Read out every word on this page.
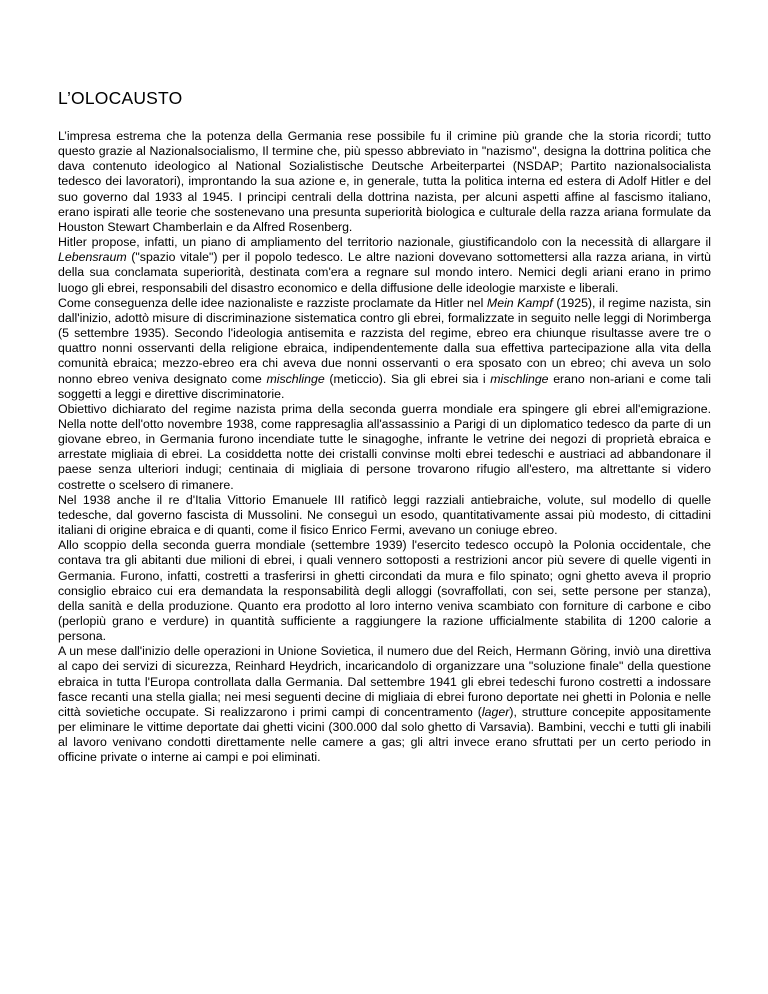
L’OLOCAUSTO

L’impresa estrema che la potenza della Germania rese possibile fu il crimine più grande che la storia ricordi; tutto questo grazie al Nazionalsocialismo, Il termine che, più spesso abbreviato in "nazismo", designa la dottrina politica che dava contenuto ideologico al National Sozialistische Deutsche Arbeiterpartei (NSDAP; Partito nazionalsocialista tedesco dei lavoratori), improntando la sua azione e, in generale, tutta la politica interna ed estera di Adolf Hitler e del suo governo dal 1933 al 1945. I principi centrali della dottrina nazista, per alcuni aspetti affine al fascismo italiano, erano ispirati alle teorie che sostenevano una presunta superiorità biologica e culturale della razza ariana formulate da Houston Stewart Chamberlain e da Alfred Rosenberg.

Hitler propose, infatti, un piano di ampliamento del territorio nazionale, giustificandolo con la necessità di allargare il Lebensraum ("spazio vitale") per il popolo tedesco. Le altre nazioni dovevano sottomettersi alla razza ariana, in virtù della sua conclamata superiorità, destinata com'era a regnare sul mondo intero. Nemici degli ariani erano in primo luogo gli ebrei, responsabili del disastro economico e della diffusione delle ideologie marxiste e liberali.

Come conseguenza delle idee nazionaliste e razziste proclamate da Hitler nel Mein Kampf (1925), il regime nazista, sin dall'inizio, adottò misure di discriminazione sistematica contro gli ebrei, formalizzate in seguito nelle leggi di Norimberga (5 settembre 1935). Secondo l'ideologia antisemita e razzista del regime, ebreo era chiunque risultasse avere tre o quattro nonni osservanti della religione ebraica, indipendentemente dalla sua effettiva partecipazione alla vita della comunità ebraica; mezzo-ebreo era chi aveva due nonni osservanti o era sposato con un ebreo; chi aveva un solo nonno ebreo veniva designato come mischlinge (meticcio). Sia gli ebrei sia i mischlinge erano non-ariani e come tali soggetti a leggi e direttive discriminatorie.

Obiettivo dichiarato del regime nazista prima della seconda guerra mondiale era spingere gli ebrei all'emigrazione. Nella notte dell'otto novembre 1938, come rappresaglia all'assassinio a Parigi di un diplomatico tedesco da parte di un giovane ebreo, in Germania furono incendiate tutte le sinagoghe, infrante le vetrine dei negozi di proprietà ebraica e arrestate migliaia di ebrei. La cosiddetta notte dei cristalli convinse molti ebrei tedeschi e austriaci ad abbandonare il paese senza ulteriori indugi; centinaia di migliaia di persone trovarono rifugio all'estero, ma altrettante si videro costrette o scelsero di rimanere.

Nel 1938 anche il re d'Italia Vittorio Emanuele III ratificò leggi razziali antiebraiche, volute, sul modello di quelle tedesche, dal governo fascista di Mussolini. Ne conseguì un esodo, quantitativamente assai più modesto, di cittadini italiani di origine ebraica e di quanti, come il fisico Enrico Fermi, avevano un coniuge ebreo.

Allo scoppio della seconda guerra mondiale (settembre 1939) l'esercito tedesco occupò la Polonia occidentale, che contava tra gli abitanti due milioni di ebrei, i quali vennero sottoposti a restrizioni ancor più severe di quelle vigenti in Germania. Furono, infatti, costretti a trasferirsi in ghetti circondati da mura e filo spinato; ogni ghetto aveva il proprio consiglio ebraico cui era demandata la responsabilità degli alloggi (sovraffollati, con sei, sette persone per stanza), della sanità e della produzione. Quanto era prodotto al loro interno veniva scambiato con forniture di carbone e cibo (perlopiù grano e verdure) in quantità sufficiente a raggiungere la razione ufficialmente stabilita di 1200 calorie a persona.

A un mese dall'inizio delle operazioni in Unione Sovietica, il numero due del Reich, Hermann Göring, inviò una direttiva al capo dei servizi di sicurezza, Reinhard Heydrich, incaricandolo di organizzare una "soluzione finale" della questione ebraica in tutta l'Europa controllata dalla Germania. Dal settembre 1941 gli ebrei tedeschi furono costretti a indossare fasce recanti una stella gialla; nei mesi seguenti decine di migliaia di ebrei furono deportate nei ghetti in Polonia e nelle città sovietiche occupate. Si realizzarono i primi campi di concentramento (lager), strutture concepite appositamente per eliminare le vittime deportate dai ghetti vicini (300.000 dal solo ghetto di Varsavia). Bambini, vecchi e tutti gli inabili al lavoro venivano condotti direttamente nelle camere a gas; gli altri invece erano sfruttati per un certo periodo in officine private o interne ai campi e poi eliminati.
